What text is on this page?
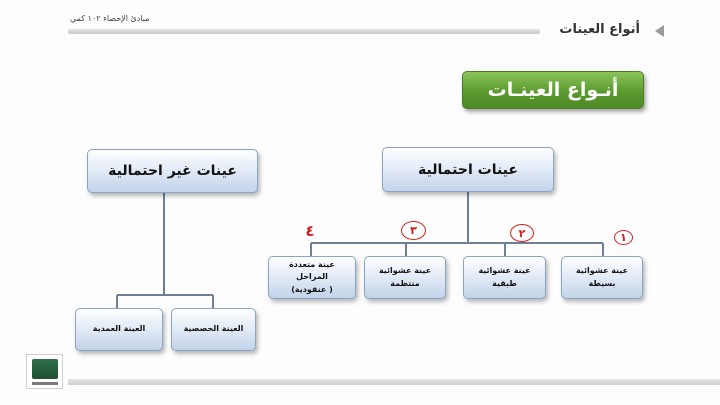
أنواع العينات
مبادئ الإحصاء ١٠٢ كمي
أنـواع العينـات
عينات احتمالية
عينات غير احتمالية
عينة عشوائية
بسيطة
عينة عشوائية
طبقية
عينة عشوائية
منتظمة
عينة متعددة المراحل
( عنقودية)
العينة الحصصية
العينة العمدية
١
٢
٣
٤
